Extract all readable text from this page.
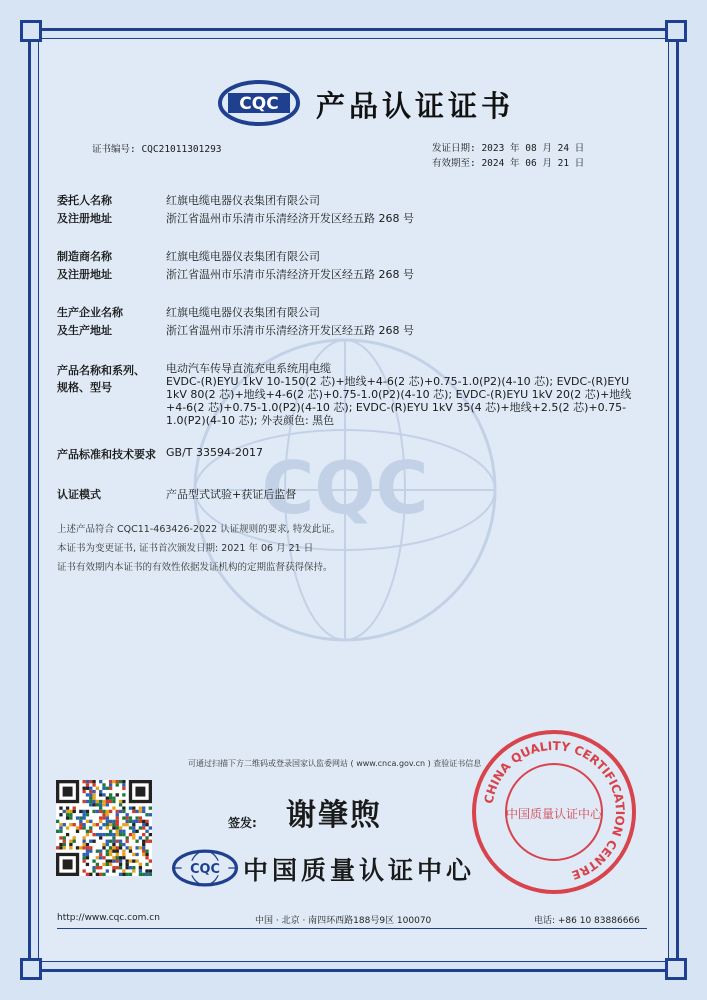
CQC
CQC 产品认证证书
证书编号: CQC21011301293	发证日期: 2023 年 08 月 24 日
有效期至: 2024 年 06 月 21 日
委托人名称	红旗电缆电器仪表集团有限公司
及注册地址	浙江省温州市乐清市乐清经济开发区经五路 268 号
制造商名称	红旗电缆电器仪表集团有限公司
及注册地址	浙江省温州市乐清市乐清经济开发区经五路 268 号
生产企业名称	红旗电缆电器仪表集团有限公司
及生产地址	浙江省温州市乐清市乐清经济开发区经五路 268 号
产品名称和系列、
规格、型号
电动汽车传导直流充电系统用电缆
EVDC-(R)EYU 1kV 10-150(2 芯)+地线+4-6(2 芯)+0.75-1.0(P2)(4-10 芯); EVDC-(R)EYU 1kV 80(2 芯)+地线+4-6(2 芯)+0.75-1.0(P2)(4-10 芯); EVDC-(R)EYU 1kV 20(2 芯)+地线+4-6(2 芯)+0.75-1.0(P2)(4-10 芯); EVDC-(R)EYU 1kV 35(4 芯)+地线+2.5(2 芯)+0.75-1.0(P2)(4-10 芯); 外表颜色: 黑色
产品标准和技术要求 GB/T 33594-2017
认证模式	产品型式试验+获证后监督
上述产品符合 CQC11-463426-2022 认证规则的要求, 特发此证。
本证书为变更证书, 证书首次颁发日期: 2021 年 06 月 21 日
证书有效期内本证书的有效性依据发证机构的定期监督获得保持。
可通过扫描下方二维码或登录国家认监委网站 ( www.cnca.gov.cn ) 查验证书信息
签发: 谢肇煦
CQC 中国质量认证中心
CHINA QUALITY CERTIFICATION CENTRE
中国质量认证中心
http://www.cqc.com.cn	中国 · 北京 · 南四环西路188号9区 100070	电话: +86 10 83886666
